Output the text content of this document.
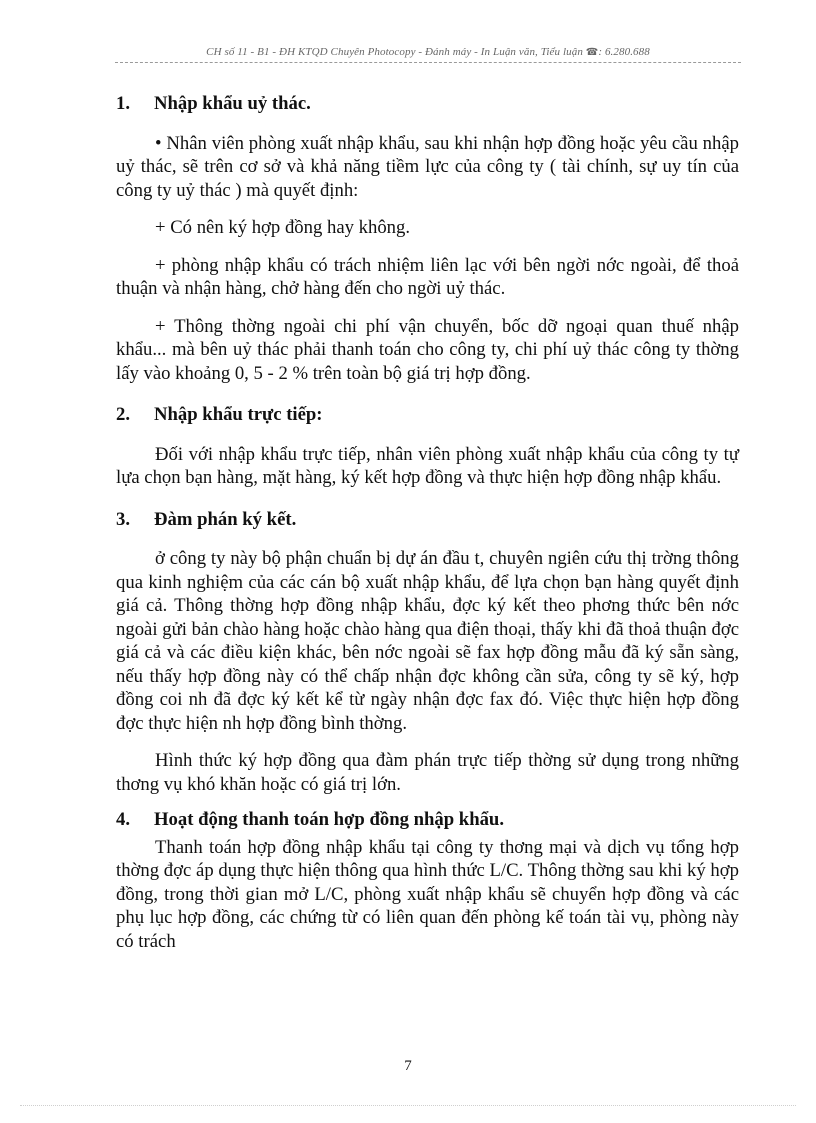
CH số 11 - B1 - ĐH KTQD Chuyên Photocopy - Đánh máy - In Luận văn, Tiểu luận ☎: 6.280.688
1.	Nhập khẩu uỷ thác.

• Nhân viên phòng xuất nhập khẩu, sau khi nhận hợp đồng hoặc yêu cầu nhập uỷ thác, sẽ trên cơ sở và khả năng tiềm lực của công ty ( tài chính, sự uy tín của công ty uỷ thác ) mà quyết định:

+ Có nên ký hợp đồng hay không.

+ phòng nhập khẩu có trách nhiệm liên lạc với bên ngời nớc ngoài, để thoả thuận và nhận hàng, chở hàng đến cho ngời uỷ thác.

+ Thông thờng ngoài chi phí vận chuyển, bốc dỡ ngoại quan thuế nhập khẩu... mà bên uỷ thác phải thanh toán cho công ty, chi phí uỷ thác công ty thờng lấy vào khoảng 0, 5 - 2 % trên toàn bộ giá trị hợp đồng.

2.	Nhập khẩu trực tiếp:

Đối với nhập khẩu trực tiếp, nhân viên phòng xuất nhập khẩu của công ty tự lựa chọn bạn hàng, mặt hàng, ký kết hợp đồng và thực hiện hợp đồng nhập khẩu.

3.	Đàm phán ký kết.

ở công ty này bộ phận chuẩn bị dự án đầu t, chuyên ngiên cứu thị trờng thông qua kinh nghiệm của các cán bộ xuất nhập khẩu, để lựa chọn bạn hàng quyết định giá cả. Thông thờng hợp đồng nhập khẩu, đợc ký kết theo phơng thức bên nớc ngoài gửi bản chào hàng hoặc chào hàng qua điện thoại, thấy khi đã thoả thuận đợc giá cả và các điều kiện khác, bên nớc ngoài sẽ fax hợp đồng mẫu đã ký sẵn sàng, nếu thấy hợp đồng này có thể chấp nhận đợc không cần sửa, công ty sẽ ký, hợp đồng coi nh đã đợc ký kết kể từ ngày nhận đợc fax đó. Việc thực hiện hợp đồng đợc thực hiện nh hợp đồng bình thờng.

Hình thức ký hợp đồng qua đàm phán trực tiếp thờng sử dụng trong những thơng vụ khó khăn hoặc có giá trị lớn.

4.	Hoạt động thanh toán hợp đồng nhập khẩu.

Thanh toán hợp đồng nhập khẩu tại công ty thơng mại và dịch vụ tổng hợp thờng đợc áp dụng thực hiện thông qua hình thức L/C. Thông thờng sau khi ký hợp đồng, trong thời gian mở L/C, phòng xuất nhập khẩu sẽ chuyển hợp đồng và các phụ lục hợp đồng, các chứng từ có liên quan đến phòng kế toán tài vụ, phòng này có trách

7
